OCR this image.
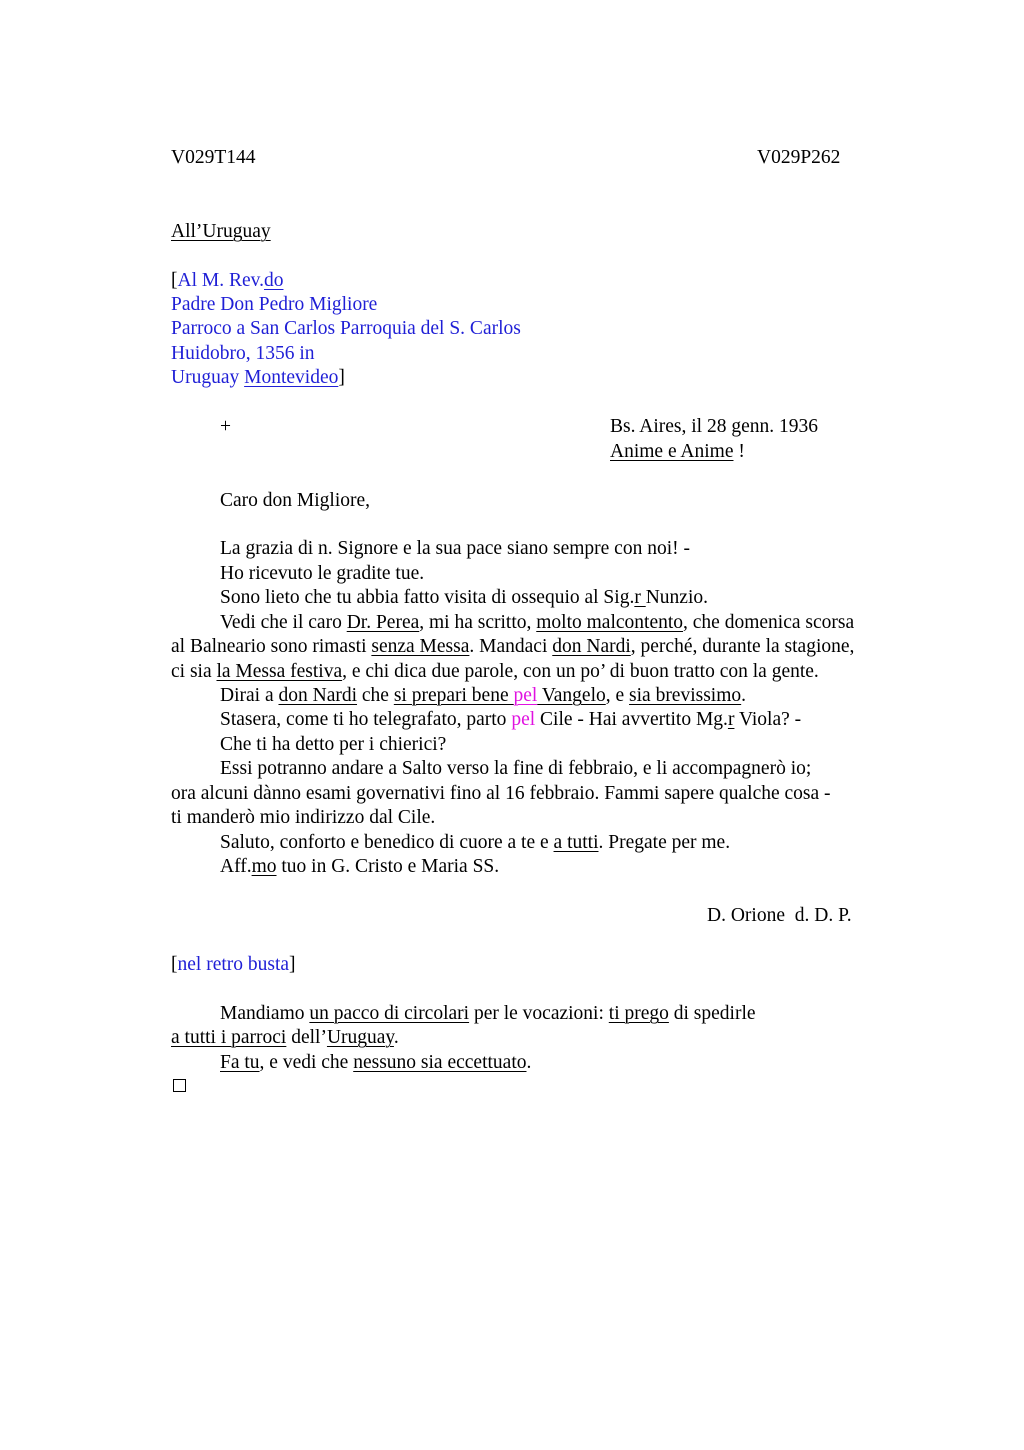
V029T144	V029P262
All’Uruguay
[Al M. Rev.do
Padre Don Pedro Migliore
Parroco a San Carlos Parroquia del S. Carlos
Huidobro, 1356 in
Uruguay Montevideo]
+	Bs. Aires, il 28 genn. 1936
Anime e Anime !
Caro don Migliore,
La grazia di n. Signore e la sua pace siano sempre con noi! -
Ho ricevuto le gradite tue.
Sono lieto che tu abbia fatto visita di ossequio al Sig.r Nunzio.
Vedi che il caro Dr. Perea, mi ha scritto, molto malcontento, che domenica scorsa
al Balneario sono rimasti senza Messa. Mandaci don Nardi, perché, durante la stagione,
ci sia la Messa festiva, e chi dica due parole, con un po’ di buon tratto con la gente.
Dirai a don Nardi che si prepari bene pel Vangelo, e sia brevissimo.
Stasera, come ti ho telegrafato, parto pel Cile - Hai avvertito Mg.r Viola? -
Che ti ha detto per i chierici?
Essi potranno andare a Salto verso la fine di febbraio, e li accompagnerò io;
ora alcuni dànno esami governativi fino al 16 febbraio. Fammi sapere qualche cosa -
ti manderò mio indirizzo dal Cile.
Saluto, conforto e benedico di cuore a te e a tutti. Pregate per me.
Aff.mo tuo in G. Cristo e Maria SS.
D. Orione  d. D. P.
[nel retro busta]
Mandiamo un pacco di circolari per le vocazioni: ti prego di spedirle
a tutti i parroci dell’Uruguay.
Fa tu, e vedi che nessuno sia eccettuato.
